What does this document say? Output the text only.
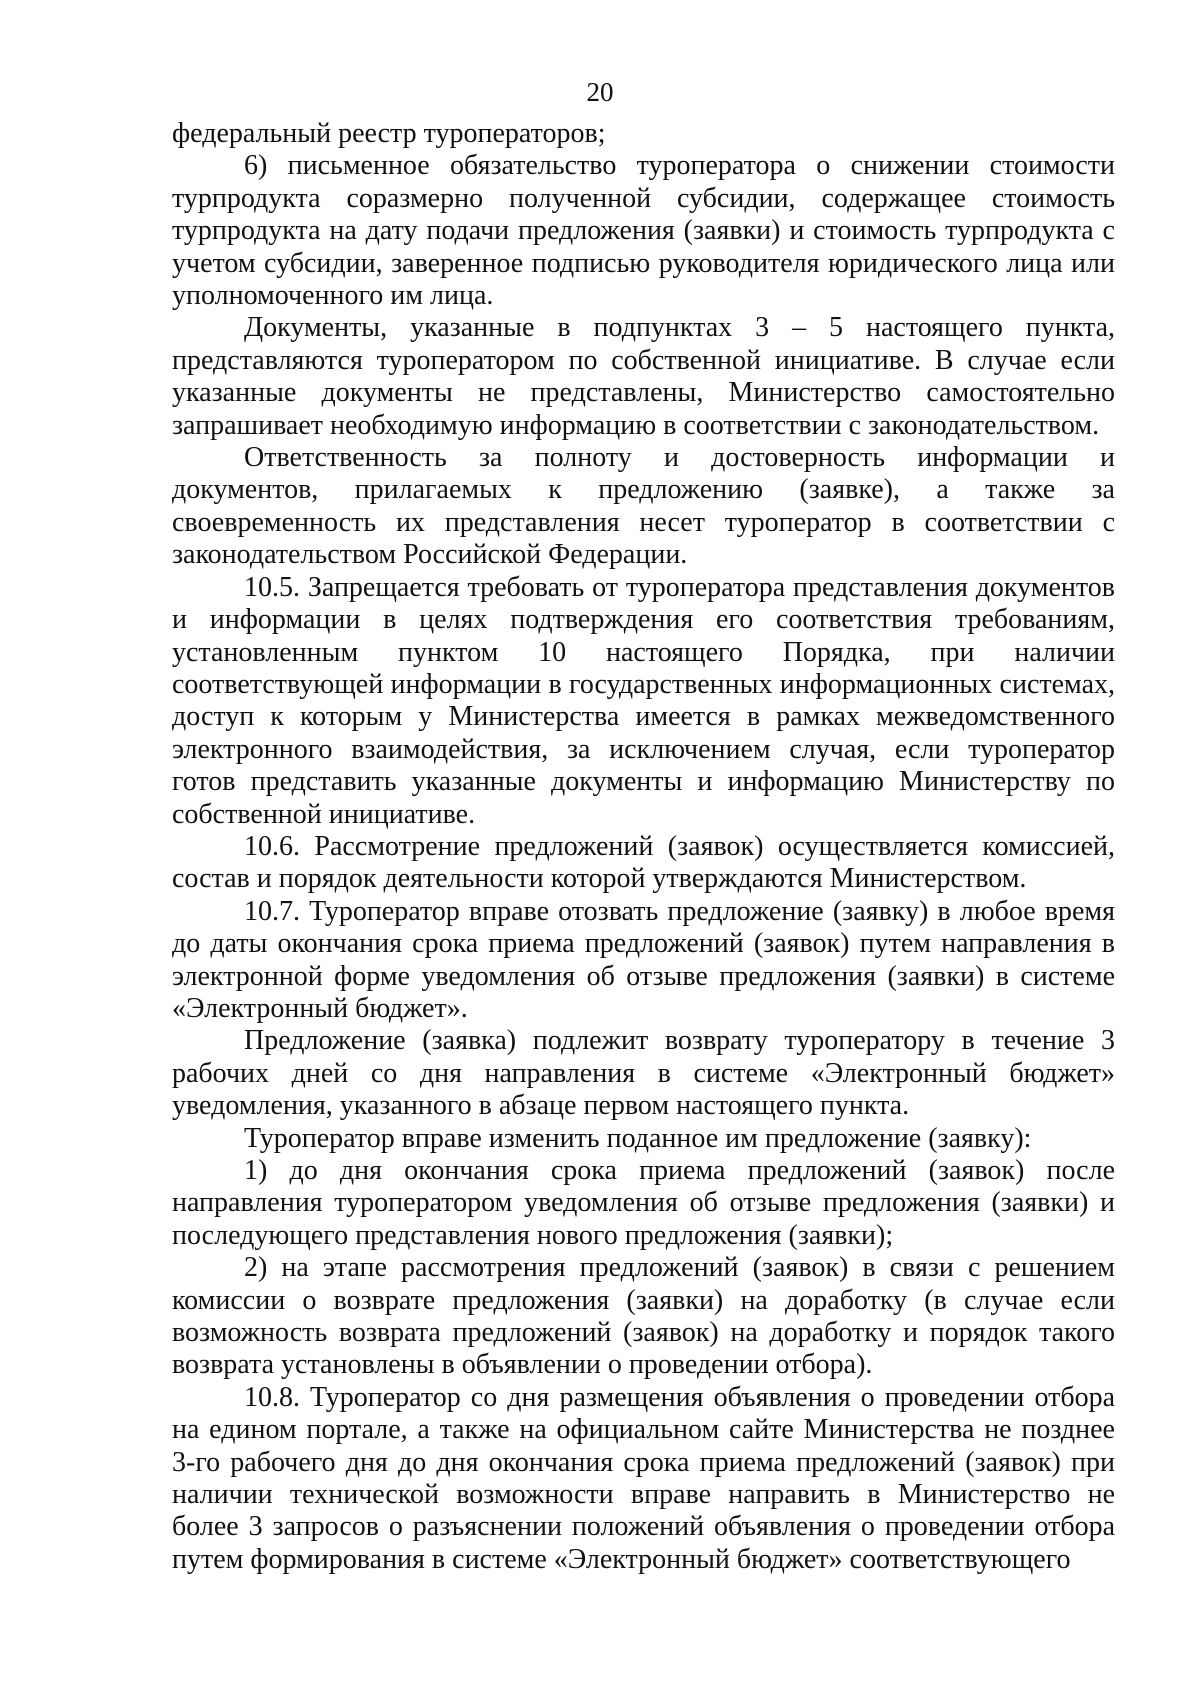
20

федеральный реестр туроператоров;

6) письменное обязательство туроператора о снижении стоимости турпродукта соразмерно полученной субсидии, содержащее стоимость турпродукта на дату подачи предложения (заявки) и стоимость турпродукта с учетом субсидии, заверенное подписью руководителя юридического лица или уполномоченного им лица.

Документы, указанные в подпунктах 3 – 5 настоящего пункта, представляются туроператором по собственной инициативе. В случае если указанные документы не представлены, Министерство самостоятельно запрашивает необходимую информацию в соответствии с законодательством.

Ответственность за полноту и достоверность информации и документов, прилагаемых к предложению (заявке), а также за своевременность их представления несет туроператор в соответствии с законодательством Российской Федерации.

10.5. Запрещается требовать от туроператора представления документов и информации в целях подтверждения его соответствия требованиям, установленным пунктом 10 настоящего Порядка, при наличии соответствующей информации в государственных информационных системах, доступ к которым у Министерства имеется в рамках межведомственного электронного взаимодействия, за исключением случая, если туроператор готов представить указанные документы и информацию Министерству по собственной инициативе.

10.6. Рассмотрение предложений (заявок) осуществляется комиссией, состав и порядок деятельности которой утверждаются Министерством.

10.7. Туроператор вправе отозвать предложение (заявку) в любое время до даты окончания срока приема предложений (заявок) путем направления в электронной форме уведомления об отзыве предложения (заявки) в системе «Электронный бюджет».

Предложение (заявка) подлежит возврату туроператору в течение 3 рабочих дней со дня направления в системе «Электронный бюджет» уведомления, указанного в абзаце первом настоящего пункта.

Туроператор вправе изменить поданное им предложение (заявку):

1) до дня окончания срока приема предложений (заявок) после направления туроператором уведомления об отзыве предложения (заявки) и последующего представления нового предложения (заявки);

2) на этапе рассмотрения предложений (заявок) в связи с решением комиссии о возврате предложения (заявки) на доработку (в случае если возможность возврата предложений (заявок) на доработку и порядок такого возврата установлены в объявлении о проведении отбора).

10.8. Туроператор со дня размещения объявления о проведении отбора на едином портале, а также на официальном сайте Министерства не позднее 3-го рабочего дня до дня окончания срока приема предложений (заявок) при наличии технической возможности вправе направить в Министерство не более 3 запросов о разъяснении положений объявления о проведении отбора путем формирования в системе «Электронный бюджет» соответствующего
